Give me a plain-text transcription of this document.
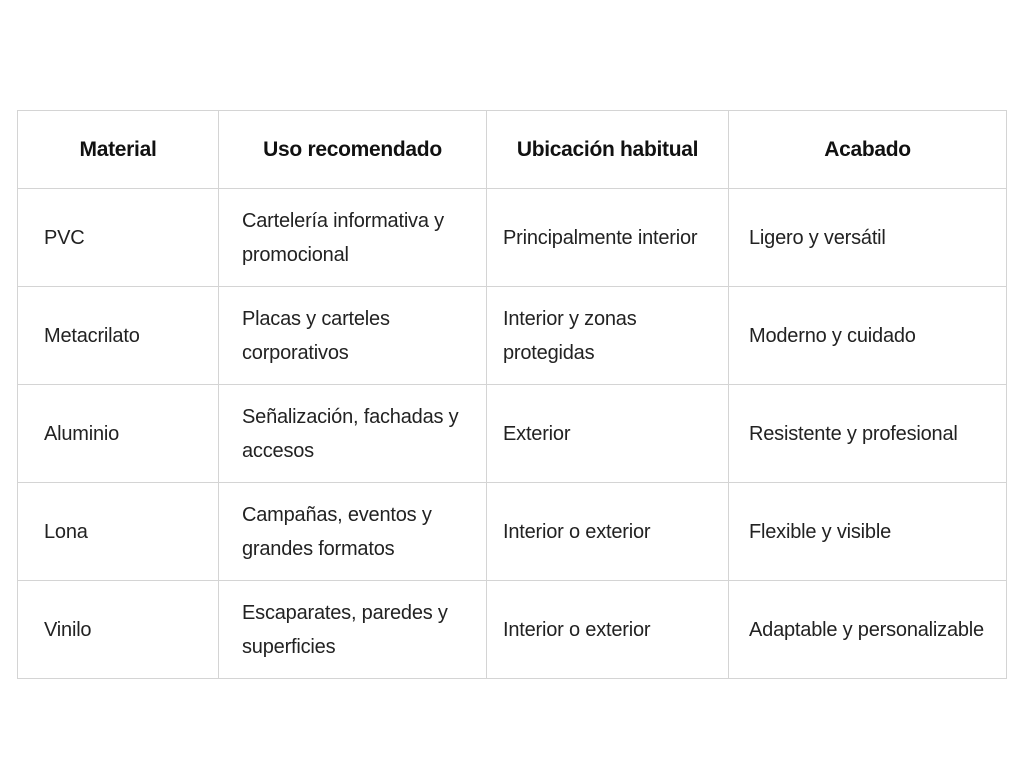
Material	Uso recomendado	Ubicación habitual	Acabado
PVC	Cartelería informativa y promocional	Principalmente interior	Ligero y versátil
Metacrilato	Placas y carteles corporativos	Interior y zonas protegidas	Moderno y cuidado
Aluminio	Señalización, fachadas y accesos	Exterior	Resistente y profesional
Lona	Campañas, eventos y grandes formatos	Interior o exterior	Flexible y visible
Vinilo	Escaparates, paredes y superficies	Interior o exterior	Adaptable y personalizable
